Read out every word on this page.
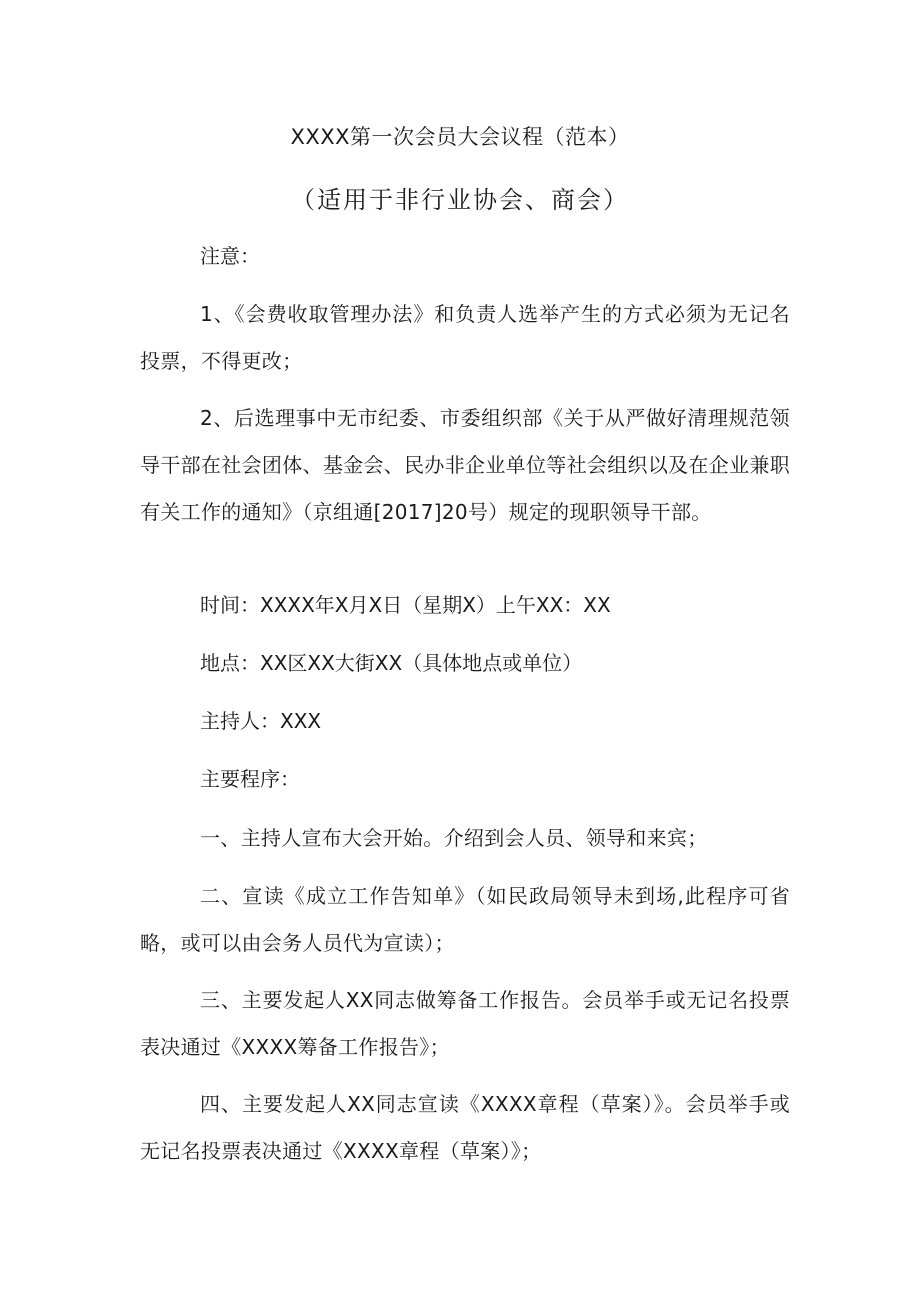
XXXX第一次会员大会议程（范本）
（适用于非行业协会、商会）
注意：
1、《会费收取管理办法》和负责人选举产生的方式必须为无记名投票，不得更改；
2、后选理事中无市纪委、市委组织部《关于从严做好清理规范领导干部在社会团体、基金会、民办非企业单位等社会组织以及在企业兼职有关工作的通知》（京组通[2017]20号）规定的现职领导干部。
时间：XXXX年X月X日（星期X）上午XX：XX
地点：XX区XX大街XX（具体地点或单位）
主持人：XXX
主要程序：
一、主持人宣布大会开始。介绍到会人员、领导和来宾；
二、宣读《成立工作告知单》（如民政局领导未到场,此程序可省略，或可以由会务人员代为宣读）；
三、主要发起人XX同志做筹备工作报告。会员举手或无记名投票表决通过《XXXX筹备工作报告》；
四、主要发起人XX同志宣读《XXXX章程（草案）》。会员举手或无记名投票表决通过《XXXX章程（草案）》；
